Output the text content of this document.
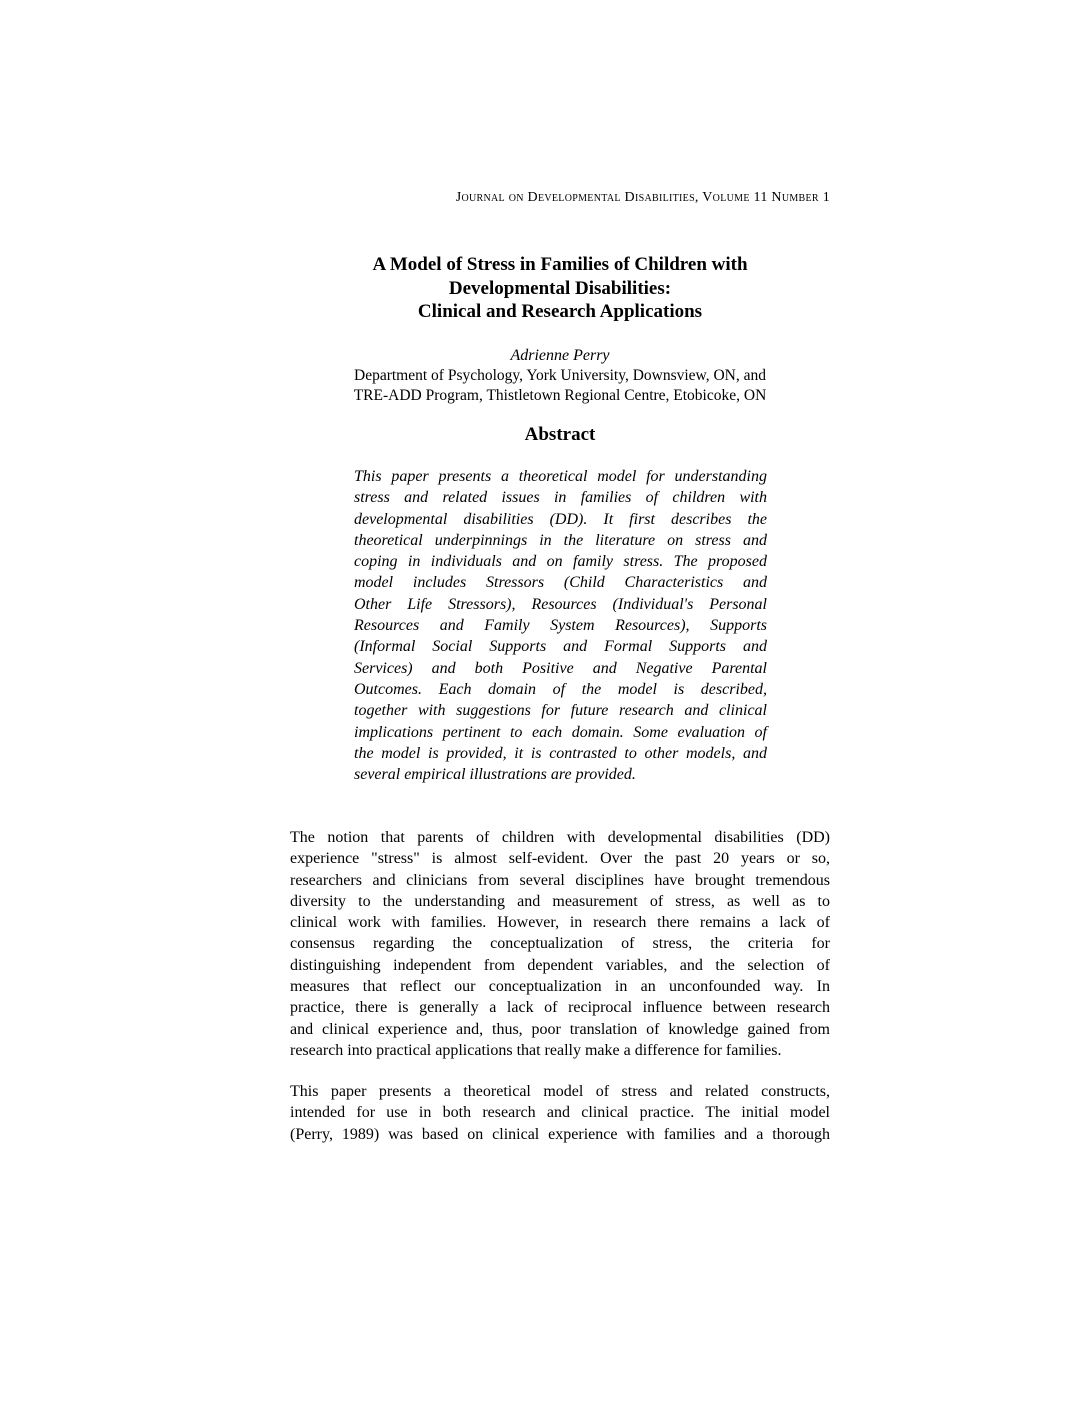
Journal on Developmental Disabilities, Volume 11 Number 1
A Model of Stress in Families of Children with
Developmental Disabilities:
Clinical and Research Applications
Adrienne Perry
Department of Psychology, York University, Downsview, ON, and
TRE-ADD Program, Thistletown Regional Centre, Etobicoke, ON
Abstract
This paper presents a theoretical model for understanding
stress and related issues in families of children with
developmental disabilities (DD). It first describes the
theoretical underpinnings in the literature on stress and
coping in individuals and on family stress. The proposed
model includes Stressors (Child Characteristics and
Other Life Stressors), Resources (Individual's Personal
Resources and Family System Resources), Supports
(Informal Social Supports and Formal Supports and
Services) and both Positive and Negative Parental
Outcomes. Each domain of the model is described,
together with suggestions for future research and clinical
implications pertinent to each domain. Some evaluation of
the model is provided, it is contrasted to other models, and
several empirical illustrations are provided.
The notion that parents of children with developmental disabilities (DD)
experience "stress" is almost self-evident. Over the past 20 years or so,
researchers and clinicians from several disciplines have brought tremendous
diversity to the understanding and measurement of stress, as well as to
clinical work with families. However, in research there remains a lack of
consensus regarding the conceptualization of stress, the criteria for
distinguishing independent from dependent variables, and the selection of
measures that reflect our conceptualization in an unconfounded way. In
practice, there is generally a lack of reciprocal influence between research
and clinical experience and, thus, poor translation of knowledge gained from
research into practical applications that really make a difference for families.
This paper presents a theoretical model of stress and related constructs,
intended for use in both research and clinical practice. The initial model
(Perry, 1989) was based on clinical experience with families and a thorough
